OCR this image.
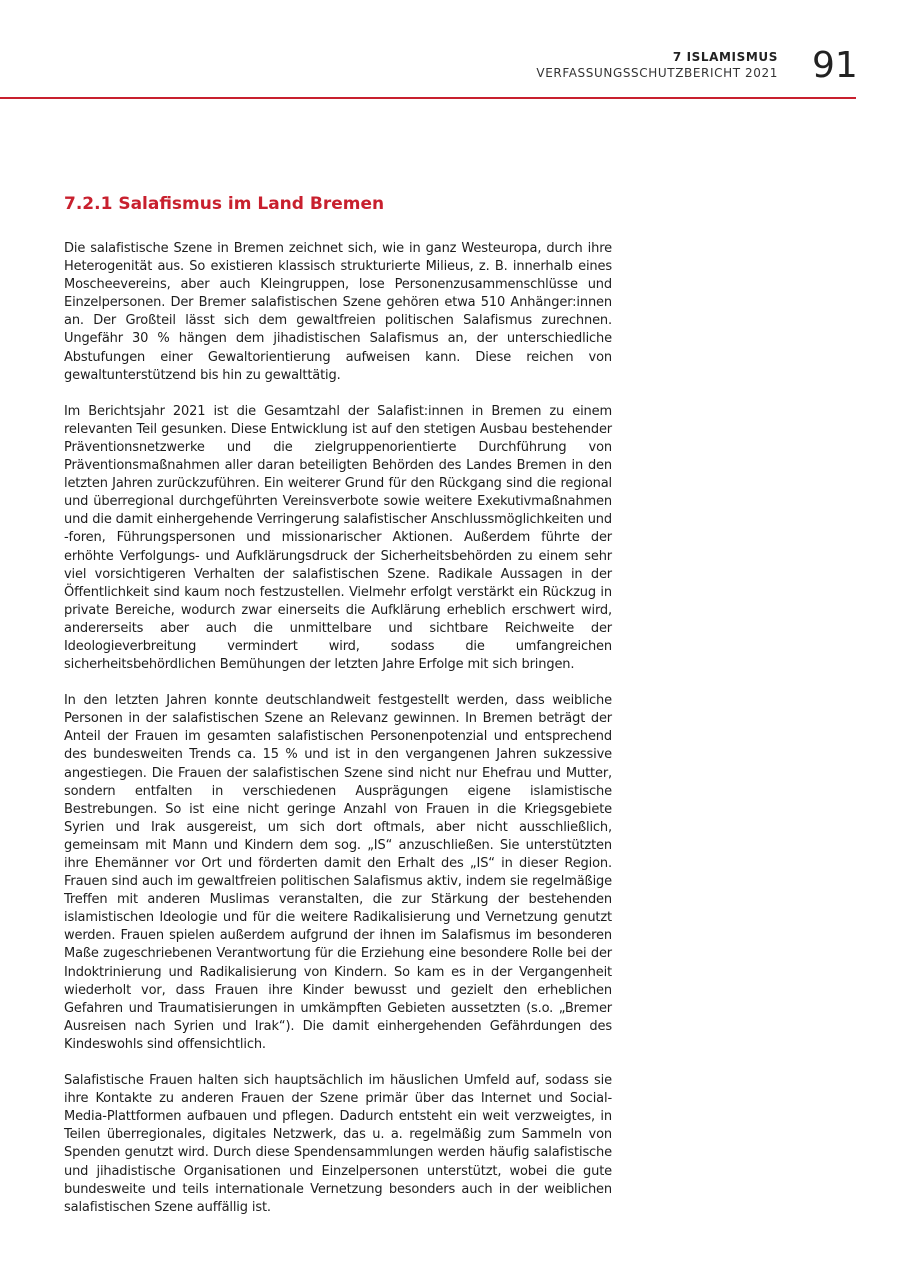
7 ISLAMISMUS
VERFASSUNGSSCHUTZBERICHT 2021 91
7.2.1 Salafismus im Land Bremen

Die salafistische Szene in Bremen zeichnet sich, wie in ganz Westeuropa, durch ihre Heterogenität aus. So existieren klassisch strukturierte Milieus, z. B. innerhalb eines Moscheevereins, aber auch Kleingruppen, lose Personenzusammenschlüsse und Einzelpersonen. Der Bremer salafistischen Szene gehören etwa 510 Anhänger:innen an. Der Großteil lässt sich dem gewaltfreien politischen Salafismus zurechnen. Ungefähr 30 % hängen dem jihadistischen Salafismus an, der unterschiedliche Abstufungen einer Gewaltorientierung aufweisen kann. Diese reichen von gewaltunterstützend bis hin zu gewalttätig.

Im Berichtsjahr 2021 ist die Gesamtzahl der Salafist:innen in Bremen zu einem relevanten Teil gesunken. Diese Entwicklung ist auf den stetigen Ausbau bestehender Präventionsnetzwerke und die zielgruppenorientierte Durchführung von Präventionsmaßnahmen aller daran beteiligten Behörden des Landes Bremen in den letzten Jahren zurückzuführen. Ein weiterer Grund für den Rückgang sind die regional und überregional durchgeführten Vereinsverbote sowie weitere Exekutivmaßnahmen und die damit einhergehende Verringerung salafistischer Anschlussmöglichkeiten und -foren, Führungspersonen und missionarischer Aktionen. Außerdem führte der erhöhte Verfolgungs- und Aufklärungsdruck der Sicherheitsbehörden zu einem sehr viel vorsichtigeren Verhalten der salafistischen Szene. Radikale Aussagen in der Öffentlichkeit sind kaum noch festzustellen. Vielmehr erfolgt verstärkt ein Rückzug in private Bereiche, wodurch zwar einerseits die Aufklärung erheblich erschwert wird, andererseits aber auch die unmittelbare und sichtbare Reichweite der Ideologieverbreitung vermindert wird, sodass die umfangreichen sicherheitsbehördlichen Bemühungen der letzten Jahre Erfolge mit sich bringen.

In den letzten Jahren konnte deutschlandweit festgestellt werden, dass weibliche Personen in der salafistischen Szene an Relevanz gewinnen. In Bremen beträgt der Anteil der Frauen im gesamten salafistischen Personenpotenzial und entsprechend des bundesweiten Trends ca. 15 % und ist in den vergangenen Jahren sukzessive angestiegen. Die Frauen der salafistischen Szene sind nicht nur Ehefrau und Mutter, sondern entfalten in verschiedenen Ausprägungen eigene islamistische Bestrebungen. So ist eine nicht geringe Anzahl von Frauen in die Kriegsgebiete Syrien und Irak ausgereist, um sich dort oftmals, aber nicht ausschließlich, gemeinsam mit Mann und Kindern dem sog. „IS“ anzuschließen. Sie unterstützten ihre Ehemänner vor Ort und förderten damit den Erhalt des „IS“ in dieser Region. Frauen sind auch im gewaltfreien politischen Salafismus aktiv, indem sie regelmäßige Treffen mit anderen Muslimas veranstalten, die zur Stärkung der bestehenden islamistischen Ideologie und für die weitere Radikalisierung und Vernetzung genutzt werden. Frauen spielen außerdem aufgrund der ihnen im Salafismus im besonderen Maße zugeschriebenen Verantwortung für die Erziehung eine besondere Rolle bei der Indoktrinierung und Radikalisierung von Kindern. So kam es in der Vergangenheit wiederholt vor, dass Frauen ihre Kinder bewusst und gezielt den erheblichen Gefahren und Traumatisierungen in umkämpften Gebieten aussetzten (s.o. „Bremer Ausreisen nach Syrien und Irak“). Die damit einhergehenden Gefährdungen des Kindeswohls sind offensichtlich.

Salafistische Frauen halten sich hauptsächlich im häuslichen Umfeld auf, sodass sie ihre Kontakte zu anderen Frauen der Szene primär über das Internet und Social-Media-Plattformen aufbauen und pflegen. Dadurch entsteht ein weit verzweigtes, in Teilen überregionales, digitales Netzwerk, das u. a. regelmäßig zum Sammeln von Spenden genutzt wird. Durch diese Spendensammlungen werden häufig salafistische und jihadistische Organisationen und Einzelpersonen unterstützt, wobei die gute bundesweite und teils internationale Vernetzung besonders auch in der weiblichen salafistischen Szene auffällig ist.
